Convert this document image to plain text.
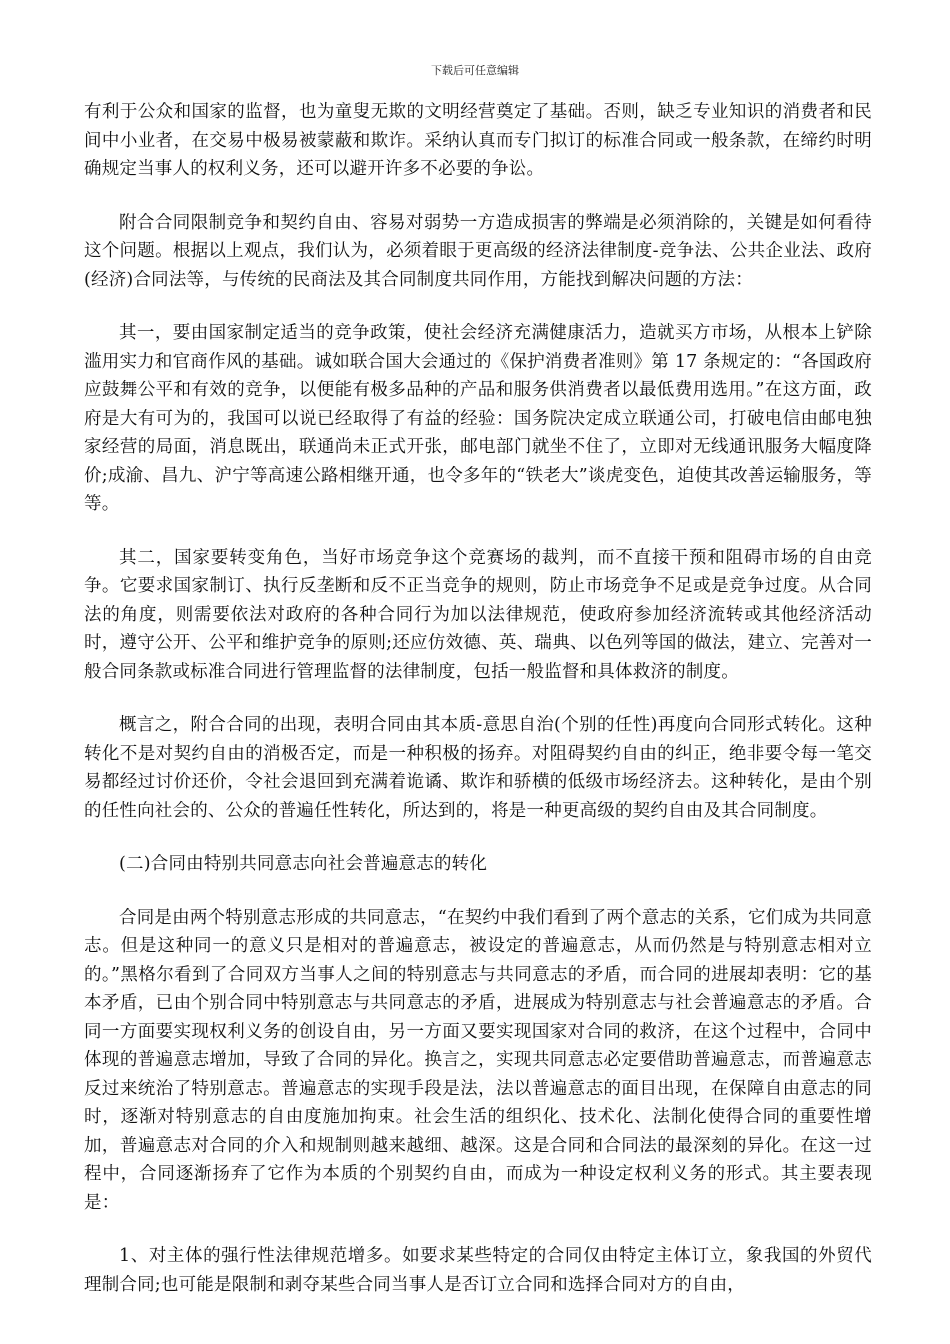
下载后可任意编辑

有利于公众和国家的监督，也为童叟无欺的文明经营奠定了基础。否则，缺乏专业知识的消费者和民间中小业者，在交易中极易被蒙蔽和欺诈。采纳认真而专门拟订的标准合同或一般条款，在缔约时明确规定当事人的权利义务，还可以避开许多不必要的争讼。

附合合同限制竞争和契约自由、容易对弱势一方造成损害的弊端是必须消除的，关键是如何看待这个问题。根据以上观点，我们认为，必须着眼于更高级的经济法律制度-竞争法、公共企业法、政府(经济)合同法等，与传统的民商法及其合同制度共同作用，方能找到解决问题的方法：

其一，要由国家制定适当的竞争政策，使社会经济充满健康活力，造就买方市场，从根本上铲除滥用实力和官商作风的基础。诚如联合国大会通过的《保护消费者准则》第 17 条规定的：“各国政府应鼓舞公平和有效的竞争，以便能有极多品种的产品和服务供消费者以最低费用选用。”在这方面，政府是大有可为的，我国可以说已经取得了有益的经验：国务院决定成立联通公司，打破电信由邮电独家经营的局面，消息既出，联通尚未正式开张，邮电部门就坐不住了，立即对无线通讯服务大幅度降价;成渝、昌九、沪宁等高速公路相继开通，也令多年的“铁老大”谈虎变色，迫使其改善运输服务，等等。

其二，国家要转变角色，当好市场竞争这个竞赛场的裁判，而不直接干预和阻碍市场的自由竞争。它要求国家制订、执行反垄断和反不正当竞争的规则，防止市场竞争不足或是竞争过度。从合同法的角度，则需要依法对政府的各种合同行为加以法律规范，使政府参加经济流转或其他经济活动时，遵守公开、公平和维护竞争的原则;还应仿效德、英、瑞典、以色列等国的做法，建立、完善对一般合同条款或标准合同进行管理监督的法律制度，包括一般监督和具体救济的制度。

概言之，附合合同的出现，表明合同由其本质-意思自治(个别的任性)再度向合同形式转化。这种转化不是对契约自由的消极否定，而是一种积极的扬弃。对阻碍契约自由的纠正，绝非要令每一笔交易都经过讨价还价，令社会退回到充满着诡谲、欺诈和骄横的低级市场经济去。这种转化，是由个别的任性向社会的、公众的普遍任性转化，所达到的，将是一种更高级的契约自由及其合同制度。

(二)合同由特别共同意志向社会普遍意志的转化

合同是由两个特别意志形成的共同意志，“在契约中我们看到了两个意志的关系，它们成为共同意志。但是这种同一的意义只是相对的普遍意志，被设定的普遍意志，从而仍然是与特别意志相对立的。”黑格尔看到了合同双方当事人之间的特别意志与共同意志的矛盾，而合同的进展却表明：它的基本矛盾，已由个别合同中特别意志与共同意志的矛盾，进展成为特别意志与社会普遍意志的矛盾。合同一方面要实现权利义务的创设自由，另一方面又要实现国家对合同的救济，在这个过程中，合同中体现的普遍意志增加，导致了合同的异化。换言之，实现共同意志必定要借助普遍意志，而普遍意志反过来统治了特别意志。普遍意志的实现手段是法，法以普遍意志的面目出现，在保障自由意志的同时，逐渐对特别意志的自由度施加拘束。社会生活的组织化、技术化、法制化使得合同的重要性增加，普遍意志对合同的介入和规制则越来越细、越深。这是合同和合同法的最深刻的异化。在这一过程中，合同逐渐扬弃了它作为本质的个别契约自由，而成为一种设定权利义务的形式。其主要表现是：

1、对主体的强行性法律规范增多。如要求某些特定的合同仅由特定主体订立，象我国的外贸代理制合同;也可能是限制和剥夺某些合同当事人是否订立合同和选择合同对方的自由，
